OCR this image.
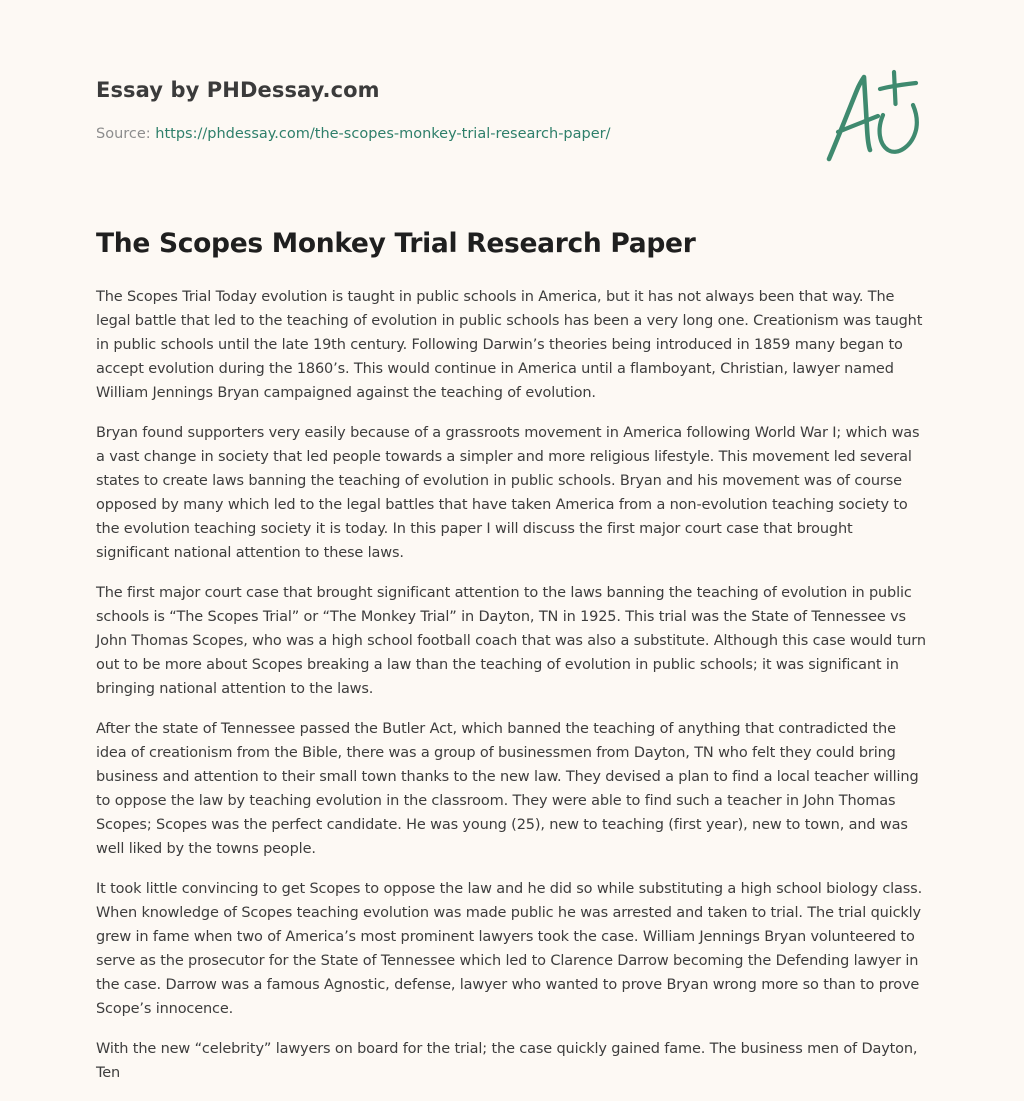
Essay by PHDessay.com
Source: https://phdessay.com/the-scopes-monkey-trial-research-paper/
The Scopes Monkey Trial Research Paper

The Scopes Trial Today evolution is taught in public schools in America, but it has not always been that way. The legal battle that led to the teaching of evolution in public schools has been a very long one. Creationism was taught in public schools until the late 19th century. Following Darwin’s theories being introduced in 1859 many began to accept evolution during the 1860’s. This would continue in America until a flamboyant, Christian, lawyer named William Jennings Bryan campaigned against the teaching of evolution.

Bryan found supporters very easily because of a grassroots movement in America following World War I; which was a vast change in society that led people towards a simpler and more religious lifestyle. This movement led several states to create laws banning the teaching of evolution in public schools. Bryan and his movement was of course opposed by many which led to the legal battles that have taken America from a non-evolution teaching society to the evolution teaching society it is today. In this paper I will discuss the first major court case that brought significant national attention to these laws.

The first major court case that brought significant attention to the laws banning the teaching of evolution in public schools is “The Scopes Trial” or “The Monkey Trial” in Dayton, TN in 1925. This trial was the State of Tennessee vs John Thomas Scopes, who was a high school football coach that was also a substitute. Although this case would turn out to be more about Scopes breaking a law than the teaching of evolution in public schools; it was significant in bringing national attention to the laws.

After the state of Tennessee passed the Butler Act, which banned the teaching of anything that contradicted the idea of creationism from the Bible, there was a group of businessmen from Dayton, TN who felt they could bring business and attention to their small town thanks to the new law. They devised a plan to find a local teacher willing to oppose the law by teaching evolution in the classroom. They were able to find such a teacher in John Thomas Scopes; Scopes was the perfect candidate. He was young (25), new to teaching (first year), new to town, and was well liked by the towns people.

It took little convincing to get Scopes to oppose the law and he did so while substituting a high school biology class. When knowledge of Scopes teaching evolution was made public he was arrested and taken to trial. The trial quickly grew in fame when two of America’s most prominent lawyers took the case. William Jennings Bryan volunteered to serve as the prosecutor for the State of Tennessee which led to Clarence Darrow becoming the Defending lawyer in the case. Darrow was a famous Agnostic, defense, lawyer who wanted to prove Bryan wrong more so than to prove Scope’s innocence.

With the new “celebrity” lawyers on board for the trial; the case quickly gained fame. The business men of Dayton, Ten
